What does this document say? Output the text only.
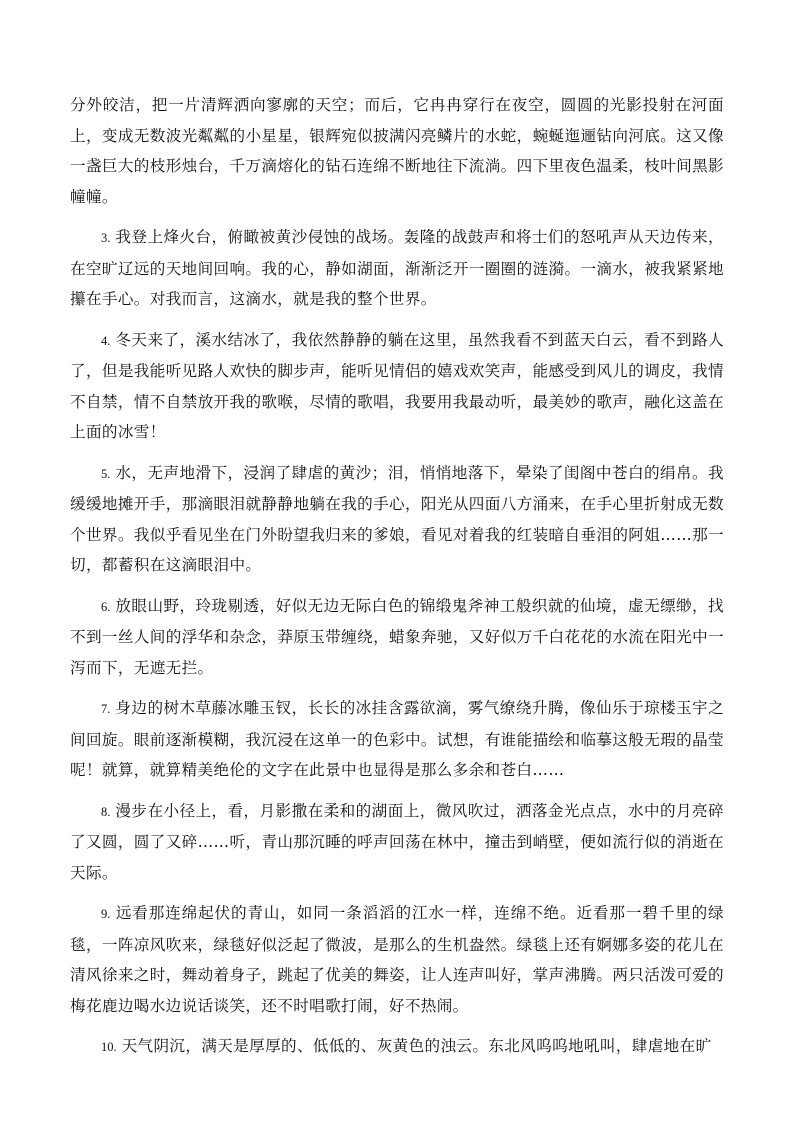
分外皎洁，把一片清辉洒向寥廓的天空；而后，它冉冉穿行在夜空，圆圆的光影投射在河面上，变成无数波光粼粼的小星星，银辉宛似披满闪亮鳞片的水蛇，蜿蜒迤逦钻向河底。这又像一盏巨大的枝形烛台，千万滴熔化的钻石连绵不断地往下流淌。四下里夜色温柔，枝叶间黑影幢幢。

3. 我登上烽火台，俯瞰被黄沙侵蚀的战场。轰隆的战鼓声和将士们的怒吼声从天边传来，在空旷辽远的天地间回响。我的心，静如湖面，渐渐泛开一圈圈的涟漪。一滴水，被我紧紧地攥在手心。对我而言，这滴水，就是我的整个世界。

4. 冬天来了，溪水结冰了，我依然静静的躺在这里，虽然我看不到蓝天白云，看不到路人了，但是我能听见路人欢快的脚步声，能听见情侣的嬉戏欢笑声，能感受到风儿的调皮，我情不自禁，情不自禁放开我的歌喉，尽情的歌唱，我要用我最动听，最美妙的歌声，融化这盖在上面的冰雪！

5. 水，无声地滑下，浸润了肆虐的黄沙；泪，悄悄地落下，晕染了闺阁中苍白的绢帛。我缓缓地摊开手，那滴眼泪就静静地躺在我的手心，阳光从四面八方涌来，在手心里折射成无数个世界。我似乎看见坐在门外盼望我归来的爹娘，看见对着我的红装暗自垂泪的阿姐……那一切，都蓄积在这滴眼泪中。

6. 放眼山野，玲珑剔透，好似无边无际白色的锦缎鬼斧神工般织就的仙境，虚无缥缈，找不到一丝人间的浮华和杂念，莽原玉带缠绕，蜡象奔驰，又好似万千白花花的水流在阳光中一泻而下，无遮无拦。

7. 身边的树木草藤冰雕玉钗，长长的冰挂含露欲滴，雾气缭绕升腾，像仙乐于琼楼玉宇之间回旋。眼前逐渐模糊，我沉浸在这单一的色彩中。试想，有谁能描绘和临摹这般无瑕的晶莹呢！就算，就算精美绝伦的文字在此景中也显得是那么多余和苍白……

8. 漫步在小径上，看，月影撒在柔和的湖面上，微风吹过，洒落金光点点，水中的月亮碎了又圆，圆了又碎……听，青山那沉睡的呼声回荡在林中，撞击到峭壁，便如流行似的消逝在天际。

9. 远看那连绵起伏的青山，如同一条滔滔的江水一样，连绵不绝。近看那一碧千里的绿毯，一阵凉风吹来，绿毯好似泛起了微波，是那么的生机盎然。绿毯上还有婀娜多姿的花儿在清风徐来之时，舞动着身子，跳起了优美的舞姿，让人连声叫好，掌声沸腾。两只活泼可爱的梅花鹿边喝水边说话谈笑，还不时唱歌打闹，好不热闹。

10. 天气阴沉，满天是厚厚的、低低的、灰黄色的浊云。东北风呜呜地吼叫，肆虐地在旷
